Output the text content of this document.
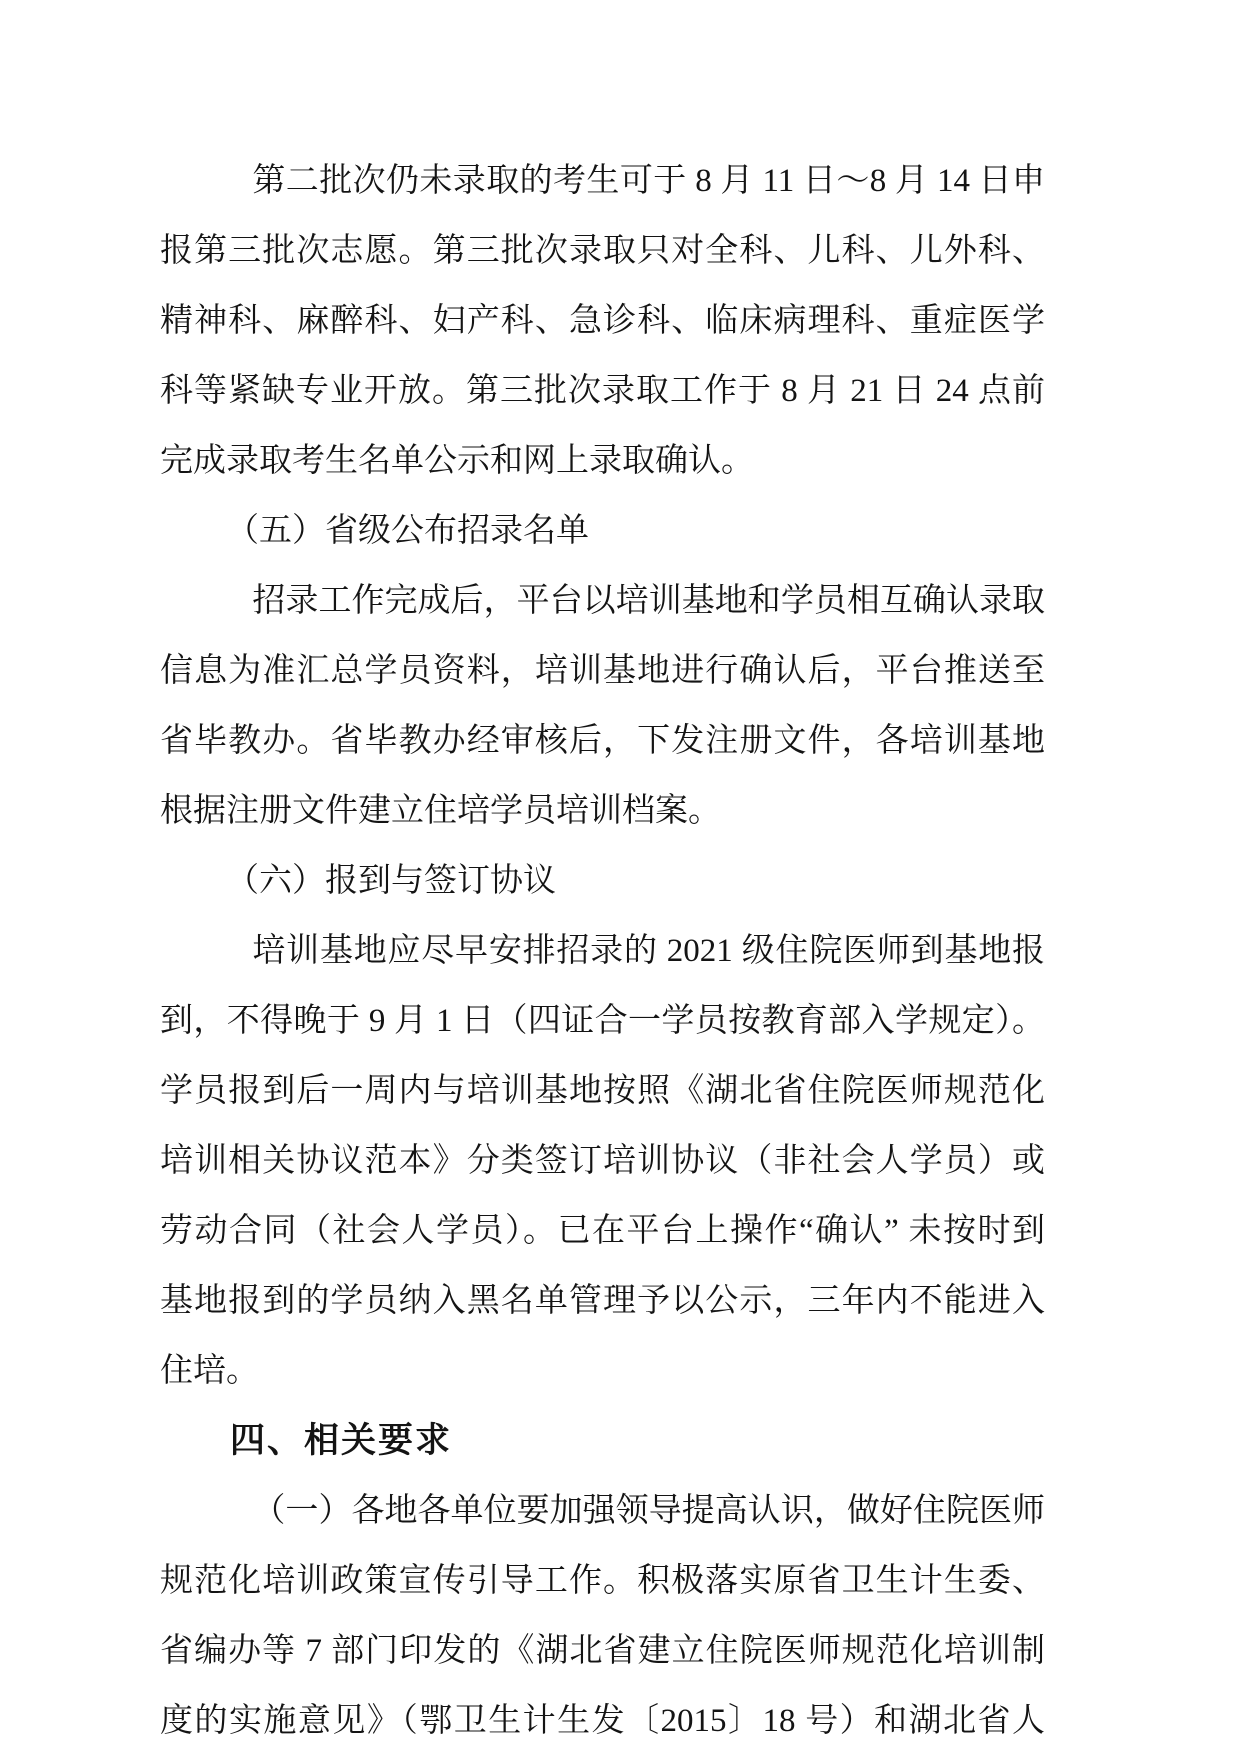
第二批次仍未录取的考生可于 8 月 11 日～8 月 14 日申
报第三批次志愿。第三批次录取只对全科、儿科、儿外科、
精神科、麻醉科、妇产科、急诊科、临床病理科、重症医学
科等紧缺专业开放。第三批次录取工作于 8 月 21 日 24 点前
完成录取考生名单公示和网上录取确认。
（五）省级公布招录名单
招录工作完成后，平台以培训基地和学员相互确认录取
信息为准汇总学员资料，培训基地进行确认后，平台推送至
省毕教办。省毕教办经审核后，下发注册文件，各培训基地
根据注册文件建立住培学员培训档案。
（六）报到与签订协议
培训基地应尽早安排招录的 2021 级住院医师到基地报
到，不得晚于 9 月 1 日（四证合一学员按教育部入学规定）。
学员报到后一周内与培训基地按照《湖北省住院医师规范化
培训相关协议范本》分类签订培训协议（非社会人学员）或
劳动合同（社会人学员）。已在平台上操作“确认” 未按时到
基地报到的学员纳入黑名单管理予以公示，三年内不能进入
住培。
四、相关要求
（一）各地各单位要加强领导提高认识，做好住院医师
规范化培训政策宣传引导工作。积极落实原省卫生计生委、
省编办等 7 部门印发的《湖北省建立住院医师规范化培训制
度的实施意见》（鄂卫生计生发〔2015〕18 号）和湖北省人
